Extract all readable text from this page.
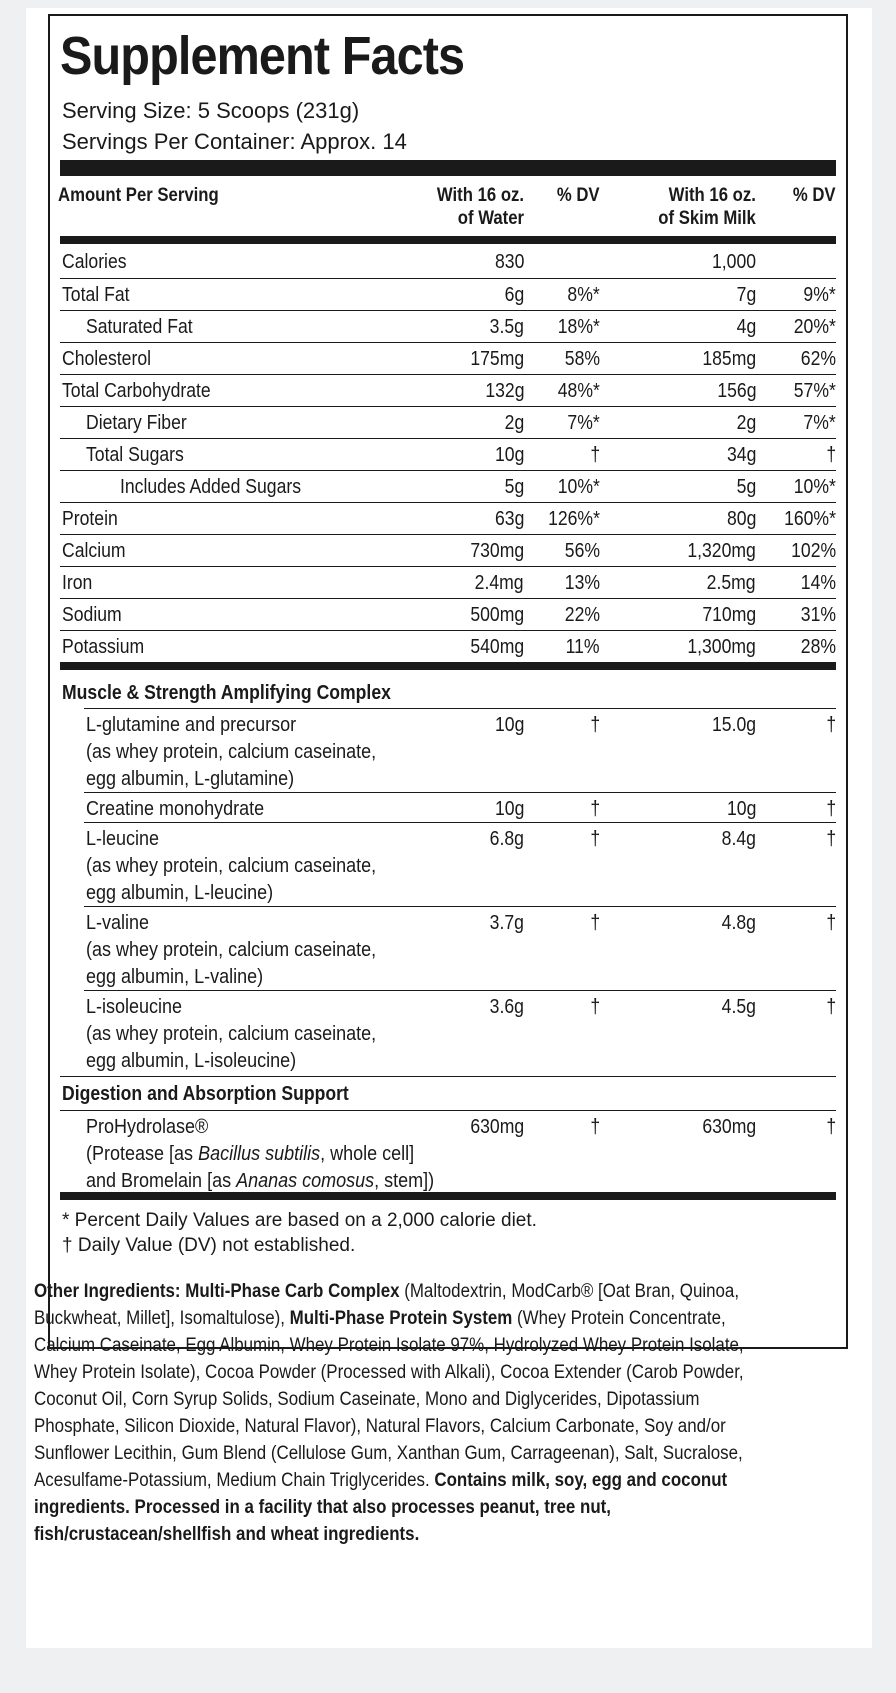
Supplement Facts
Serving Size: 5 Scoops (231g)
Servings Per Container: Approx. 14
Amount Per Serving	With 16 oz.
of Water
% DV	With 16 oz.
of Skim Milk
% DV
Calories	830	1,000
Total Fat	6g 8%*	7g 9%*
Saturated Fat	3.5g 18%*	4g 20%*
Cholesterol	175mg 58%	185mg 62%
Total Carbohydrate	132g 48%*	156g 57%*
Dietary Fiber	2g 7%*	2g 7%*
Total Sugars	10g	†	34g	†
Includes Added Sugars	5g 10%*	5g 10%*
Protein	63g 126%*	80g 160%*
Calcium	730mg 56%	1,320mg 102%
Iron	2.4mg 13%	2.5mg 14%
Sodium	500mg 22%	710mg 31%
Potassium	540mg 11%	1,300mg 28%
Muscle & Strength Amplifying Complex
L-glutamine and precursor
(as whey protein, calcium caseinate,
egg albumin, L-glutamine)
10g	†	15.0g	†
Creatine monohydrate	10g	†	10g	†
L-leucine
(as whey protein, calcium caseinate,
egg albumin, L-leucine)
6.8g	†	8.4g	†
L-valine
(as whey protein, calcium caseinate,
egg albumin, L-valine)
3.7g	†	4.8g	†
L-isoleucine
(as whey protein, calcium caseinate,
egg albumin, L-isoleucine)
3.6g	†	4.5g	†
Digestion and Absorption Support
ProHydrolase®
(Protease [as Bacillus subtilis, whole cell]
and Bromelain [as Ananas comosus, stem])
630mg	†	630mg	†
* Percent Daily Values are based on a 2,000 calorie diet.
† Daily Value (DV) not established.
Other Ingredients: Multi-Phase Carb Complex (Maltodextrin, ModCarb® [Oat Bran, Quinoa,
Buckwheat, Millet], Isomaltulose), Multi-Phase Protein System (Whey Protein Concentrate,
Calcium Caseinate, Egg Albumin, Whey Protein Isolate 97%, Hydrolyzed Whey Protein Isolate,
Whey Protein Isolate), Cocoa Powder (Processed with Alkali), Cocoa Extender (Carob Powder,
Coconut Oil, Corn Syrup Solids, Sodium Caseinate, Mono and Diglycerides, Dipotassium
Phosphate, Silicon Dioxide, Natural Flavor), Natural Flavors, Calcium Carbonate, Soy and/or
Sunflower Lecithin, Gum Blend (Cellulose Gum, Xanthan Gum, Carrageenan), Salt, Sucralose,
Acesulfame-Potassium, Medium Chain Triglycerides. Contains milk, soy, egg and coconut
ingredients. Processed in a facility that also processes peanut, tree nut,
fish/crustacean/shellfish and wheat ingredients.
